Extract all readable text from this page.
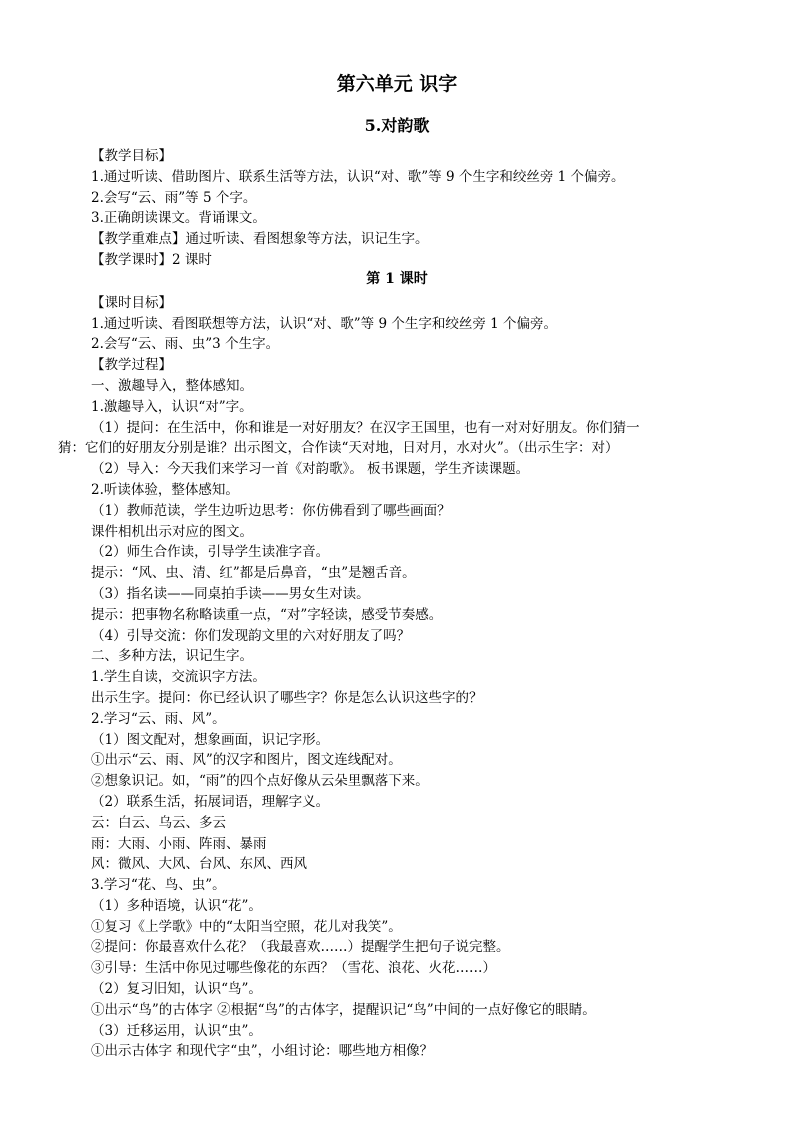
第六单元 识字
5.对韵歌
【教学目标】
1.通过听读、借助图片、联系生活等方法，认识“对、歌”等 9 个生字和绞丝旁 1 个偏旁。
2.会写“云、雨”等 5 个字。
3.正确朗读课文。背诵课文。
【教学重难点】通过听读、看图想象等方法，识记生字。
【教学课时】2 课时
【课时目标】
1.通过听读、看图联想等方法，认识“对、歌”等 9 个生字和绞丝旁 1 个偏旁。
2.会写“云、雨、虫”3 个生字。
【教学过程】
一、激趣导入，整体感知。
1.激趣导入，认识“对”字。
（1）提问：在生活中，你和谁是一对好朋友？在汉字王国里，也有一对对好朋友。你们猜一
猜：它们的好朋友分别是谁？出示图文，合作读“天对地，日对月，水对火”。（出示生字：对）
（2）导入：今天我们来学习一首《对韵歌》。 板书课题，学生齐读课题。
2.听读体验，整体感知。
（1）教师范读，学生边听边思考：你仿佛看到了哪些画面？
课件相机出示对应的图文。
（2）师生合作读，引导学生读准字音。
提示：“风、虫、清、红”都是后鼻音，“虫”是翘舌音。
（3）指名读——同桌拍手读——男女生对读。
提示：把事物名称略读重一点，“对”字轻读，感受节奏感。
（4）引导交流：你们发现韵文里的六对好朋友了吗？
二、多种方法，识记生字。
1.学生自读，交流识字方法。
出示生字。提问：你已经认识了哪些字？你是怎么认识这些字的？
2.学习“云、雨、风”。
（1）图文配对，想象画面，识记字形。
①出示“云、雨、风”的汉字和图片，图文连线配对。
②想象识记。如，“雨”的四个点好像从云朵里飘落下来。
（2）联系生活，拓展词语，理解字义。
云：白云、乌云、多云
雨：大雨、小雨、阵雨、暴雨
风：微风、大风、台风、东风、西风
3.学习“花、鸟、虫”。
（1）多种语境，认识“花”。
①复习《上学歌》中的“太阳当空照，花儿对我笑”。
②提问：你最喜欢什么花？（我最喜欢……）提醒学生把句子说完整。
③引导：生活中你见过哪些像花的东西？（雪花、浪花、火花……）
（2）复习旧知，认识“鸟”。
①出示“鸟”的古体字 ②根据“鸟”的古体字，提醒识记“鸟”中间的一点好像它的眼睛。
（3）迁移运用，认识“虫”。
①出示古体字 和现代字“虫”，小组讨论：哪些地方相像？
第 1 课时
